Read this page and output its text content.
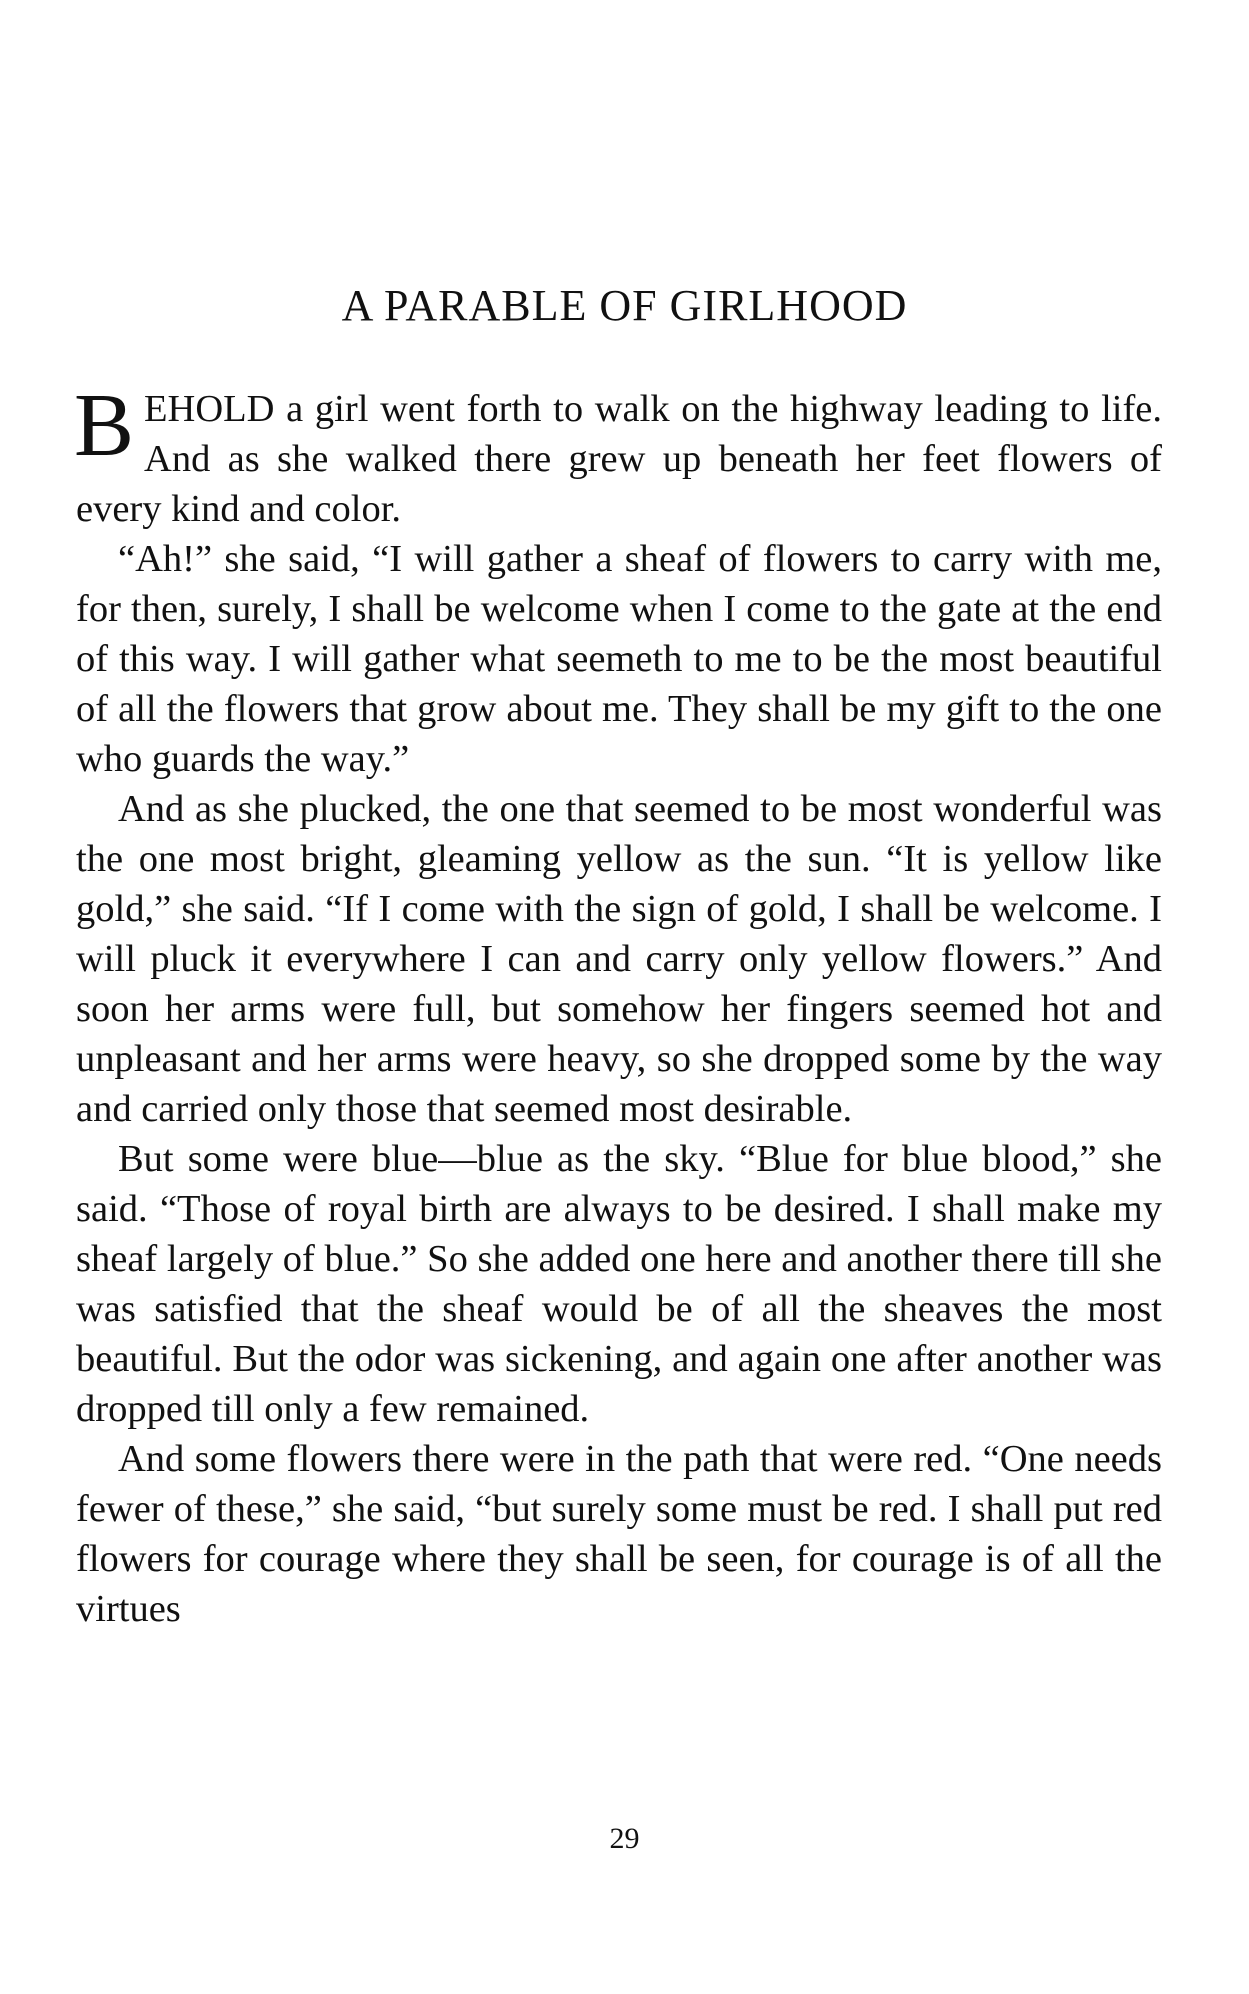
A PARABLE OF GIRLHOOD

BEHOLD a girl went forth to walk on the highway leading to life. And as she walked there grew up beneath her feet flowers of every kind and color.

“Ah!” she said, “I will gather a sheaf of flowers to carry with me, for then, surely, I shall be welcome when I come to the gate at the end of this way. I will gather what seemeth to me to be the most beautiful of all the flowers that grow about me. They shall be my gift to the one who guards the way.”

And as she plucked, the one that seemed to be most wonderful was the one most bright, gleaming yellow as the sun. “It is yellow like gold,” she said. “If I come with the sign of gold, I shall be welcome. I will pluck it everywhere I can and carry only yellow flowers.” And soon her arms were full, but somehow her fingers seemed hot and unpleasant and her arms were heavy, so she dropped some by the way and carried only those that seemed most desirable.

But some were blue—blue as the sky. “Blue for blue blood,” she said. “Those of royal birth are always to be desired. I shall make my sheaf largely of blue.” So she added one here and another there till she was satisfied that the sheaf would be of all the sheaves the most beautiful. But the odor was sickening, and again one after another was dropped till only a few remained.

And some flowers there were in the path that were red. “One needs fewer of these,” she said, “but surely some must be red. I shall put red flowers for courage where they shall be seen, for courage is of all the virtues

29
